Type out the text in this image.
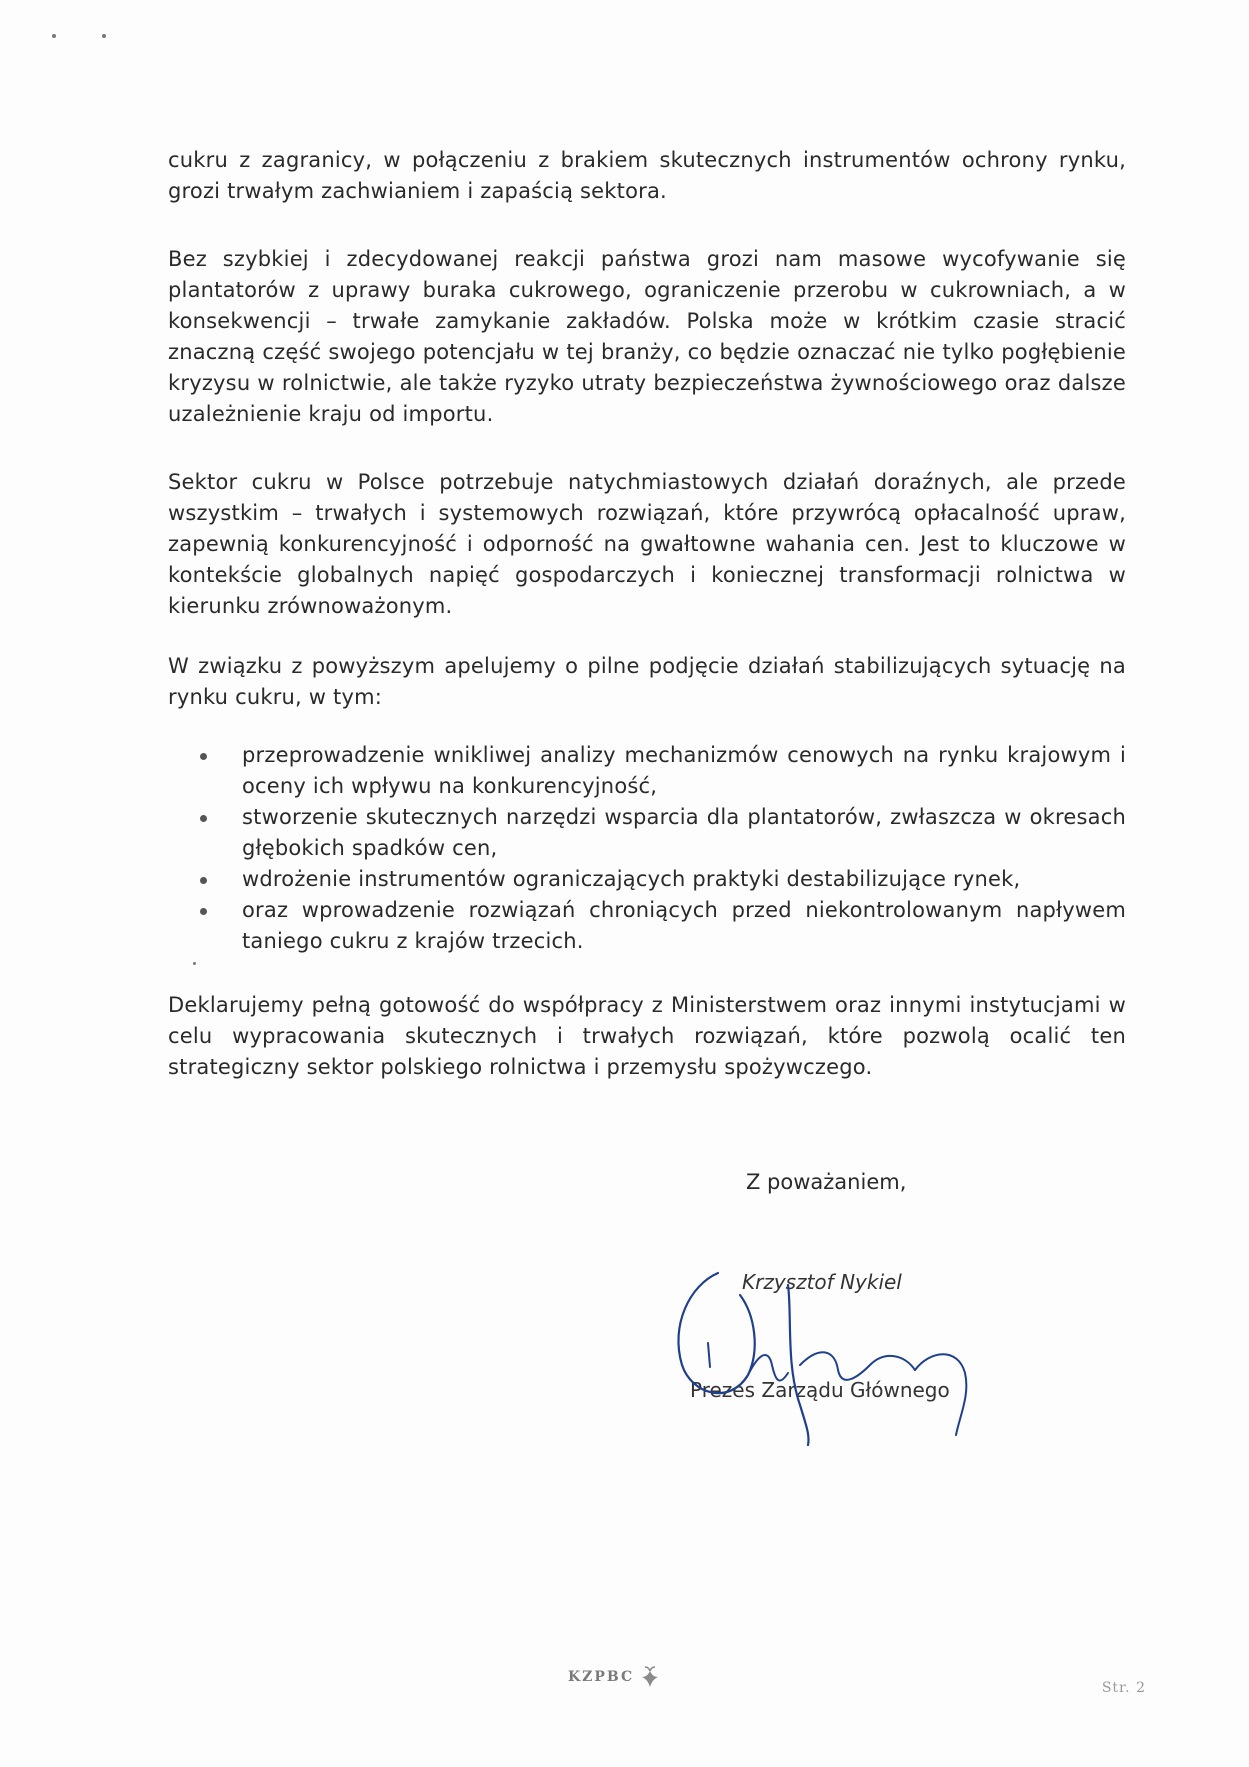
cukru z zagranicy, w połączeniu z brakiem skutecznych instrumentów ochrony rynku, grozi trwałym zachwianiem i zapaścią sektora.

Bez szybkiej i zdecydowanej reakcji państwa grozi nam masowe wycofywanie się plantatorów z uprawy buraka cukrowego, ograniczenie przerobu w cukrowniach, a w konsekwencji – trwałe zamykanie zakładów. Polska może w krótkim czasie stracić znaczną część swojego potencjału w tej branży, co będzie oznaczać nie tylko pogłębienie kryzysu w rolnictwie, ale także ryzyko utraty bezpieczeństwa żywnościowego oraz dalsze uzależnienie kraju od importu.

Sektor cukru w Polsce potrzebuje natychmiastowych działań doraźnych, ale przede wszystkim – trwałych i systemowych rozwiązań, które przywrócą opłacalność upraw, zapewnią konkurencyjność i odporność na gwałtowne wahania cen. Jest to kluczowe w kontekście globalnych napięć gospodarczych i koniecznej transformacji rolnictwa w kierunku zrównoważonym.

W związku z powyższym apelujemy o pilne podjęcie działań stabilizujących sytuację na rynku cukru, w tym:

przeprowadzenie wnikliwej analizy mechanizmów cenowych na rynku krajowym i oceny ich wpływu na konkurencyjność,
stworzenie skutecznych narzędzi wsparcia dla plantatorów, zwłaszcza w okresach głębokich spadków cen,
wdrożenie instrumentów ograniczających praktyki destabilizujące rynek,
oraz wprowadzenie rozwiązań chroniących przed niekontrolowanym napływem taniego cukru z krajów trzecich.

Deklarujemy pełną gotowość do współpracy z Ministerstwem oraz innymi instytucjami w celu wypracowania skutecznych i trwałych rozwiązań, które pozwolą ocalić ten strategiczny sektor polskiego rolnictwa i przemysłu spożywczego.

Z poważaniem,
Krzysztof Nykiel
Prezes Zarządu Głównego
KZPBC
Str. 2
